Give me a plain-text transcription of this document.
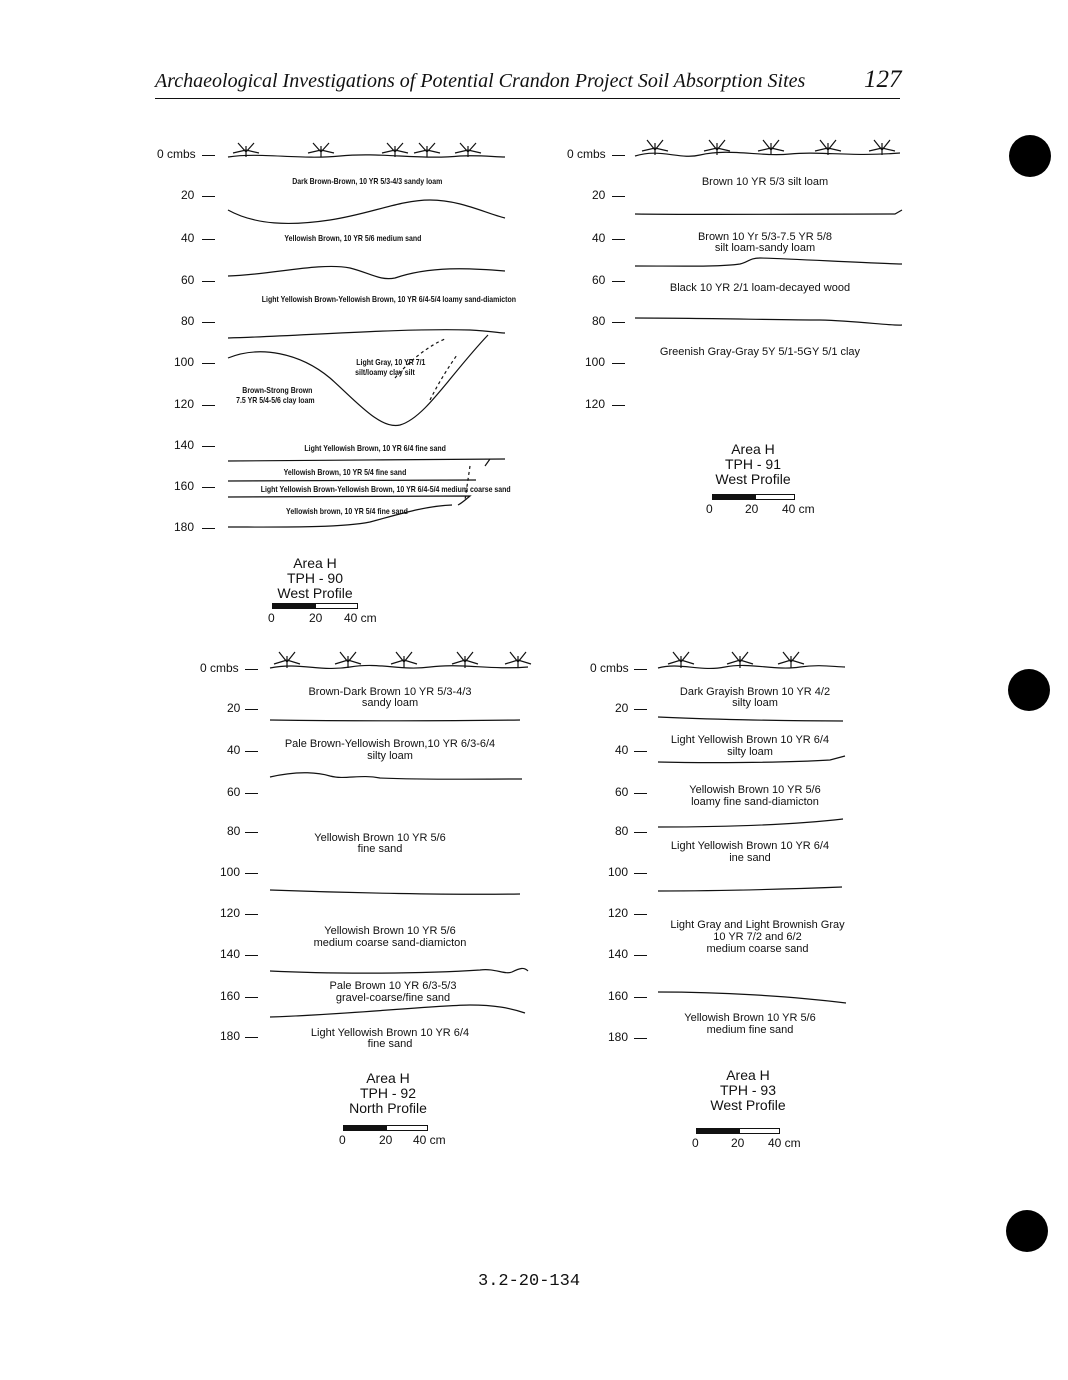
Archaeological Investigations of Potential Crandon Project Soil Absorption Sites 127
0 cmbs
20
40
60
80
100
120
140
160
180
Dark Brown-Brown, 10 YR 5/3-4/3 sandy loam
Yellowish Brown, 10 YR 5/6 medium sand
Light Yellowish Brown-Yellowish Brown, 10 YR 6/4-5/4 loamy sand-diamicton
Light Gray, 10 YR 7/1
silt/loamy clay silt
Brown-Strong Brown
7.5 YR 5/4-5/6 clay loam
Light Yellowish Brown, 10 YR 6/4 fine sand
Yellowish Brown, 10 YR 5/4 fine sand
Light Yellowish Brown-Yellowish Brown, 10 YR 6/4-5/4 medium coarse sand
Yellowish brown, 10 YR 5/4 fine sand
Area H
TPH - 90
West Profile
0	20 40 cm
0 cmbs
20
40
60
80
100
120
Brown 10 YR 5/3 silt loam
Brown 10 Yr 5/3-7.5 YR 5/8
silt loam-sandy loam
Black 10 YR 2/1 loam-decayed wood
Greenish Gray-Gray 5Y 5/1-5GY 5/1 clay
Area H
TPH - 91
West Profile
0	20 40 cm
0 cmbs
20
40
60
80
100
120
140
160
180
Brown-Dark Brown 10 YR 5/3-4/3
sandy loam
Pale Brown-Yellowish Brown,10 YR 6/3-6/4
silty loam
Yellowish Brown 10 YR 5/6
fine sand
Yellowish Brown 10 YR 5/6
medium coarse sand-diamicton
Pale Brown 10 YR 6/3-5/3
gravel-coarse/fine sand
Light Yellowish Brown 10 YR 6/4
fine sand
Area H
TPH - 92
North Profile
0	20 40 cm
0 cmbs
20
40
60
80
100
120
140
160
180
Dark Grayish Brown 10 YR 4/2
silty loam
Light Yellowish Brown 10 YR 6/4
silty loam
Yellowish Brown 10 YR 5/6
loamy fine sand-diamicton
Light Yellowish Brown 10 YR 6/4
ine sand
Light Gray and Light Brownish Gray
10 YR 7/2 and 6/2
medium coarse sand
Yellowish Brown 10 YR 5/6
medium fine sand
Area H
TPH - 93
West Profile
0	20 40 cm
3.2-20-134
